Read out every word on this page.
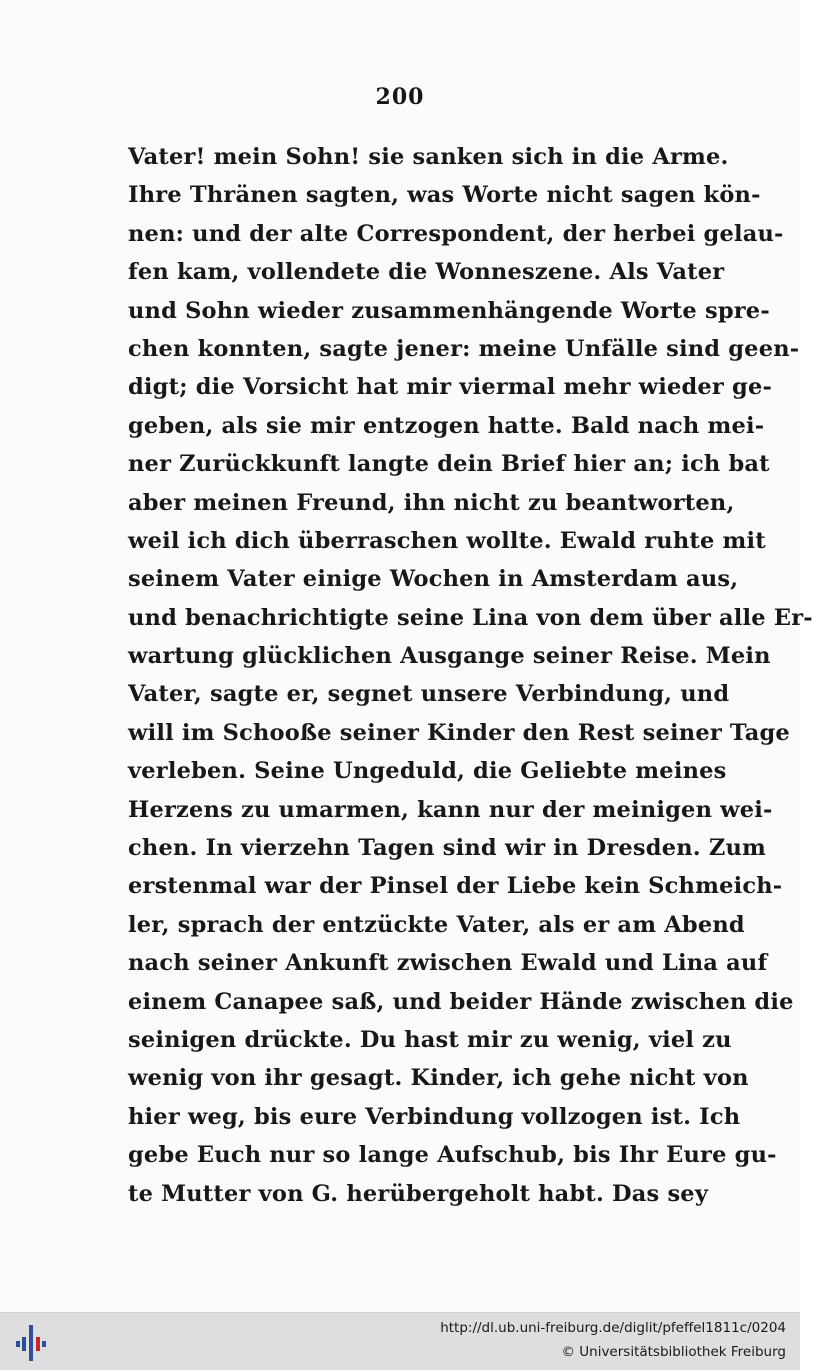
200
Vater! mein Sohn! sie sanken sich in die Arme.
Ihre Thränen sagten, was Worte nicht sagen kön-
nen: und der alte Correspondent, der herbei gelau-
fen kam, vollendete die Wonneszene. Als Vater
und Sohn wieder zusammenhängende Worte spre-
chen konnten, sagte jener: meine Unfälle sind geen-
digt; die Vorsicht hat mir viermal mehr wieder ge-
geben, als sie mir entzogen hatte. Bald nach mei-
ner Zurückkunft langte dein Brief hier an; ich bat
aber meinen Freund, ihn nicht zu beantworten,
weil ich dich überraschen wollte. Ewald ruhte mit
seinem Vater einige Wochen in Amsterdam aus,
und benachrichtigte seine Lina von dem über alle Er-
wartung glücklichen Ausgange seiner Reise. Mein
Vater, sagte er, segnet unsere Verbindung, und
will im Schooße seiner Kinder den Rest seiner Tage
verleben. Seine Ungeduld, die Geliebte meines
Herzens zu umarmen, kann nur der meinigen wei-
chen. In vierzehn Tagen sind wir in Dresden. Zum
erstenmal war der Pinsel der Liebe kein Schmeich-
ler, sprach der entzückte Vater, als er am Abend
nach seiner Ankunft zwischen Ewald und Lina auf
einem Canapee saß, und beider Hände zwischen die
seinigen drückte. Du hast mir zu wenig, viel zu
wenig von ihr gesagt. Kinder, ich gehe nicht von
hier weg, bis eure Verbindung vollzogen ist. Ich
gebe Euch nur so lange Aufschub, bis Ihr Eure gu-
te Mutter von G. herübergeholt habt. Das sey
http://dl.ub.uni-freiburg.de/diglit/pfeffel1811c/0204
© Universitätsbibliothek Freiburg
